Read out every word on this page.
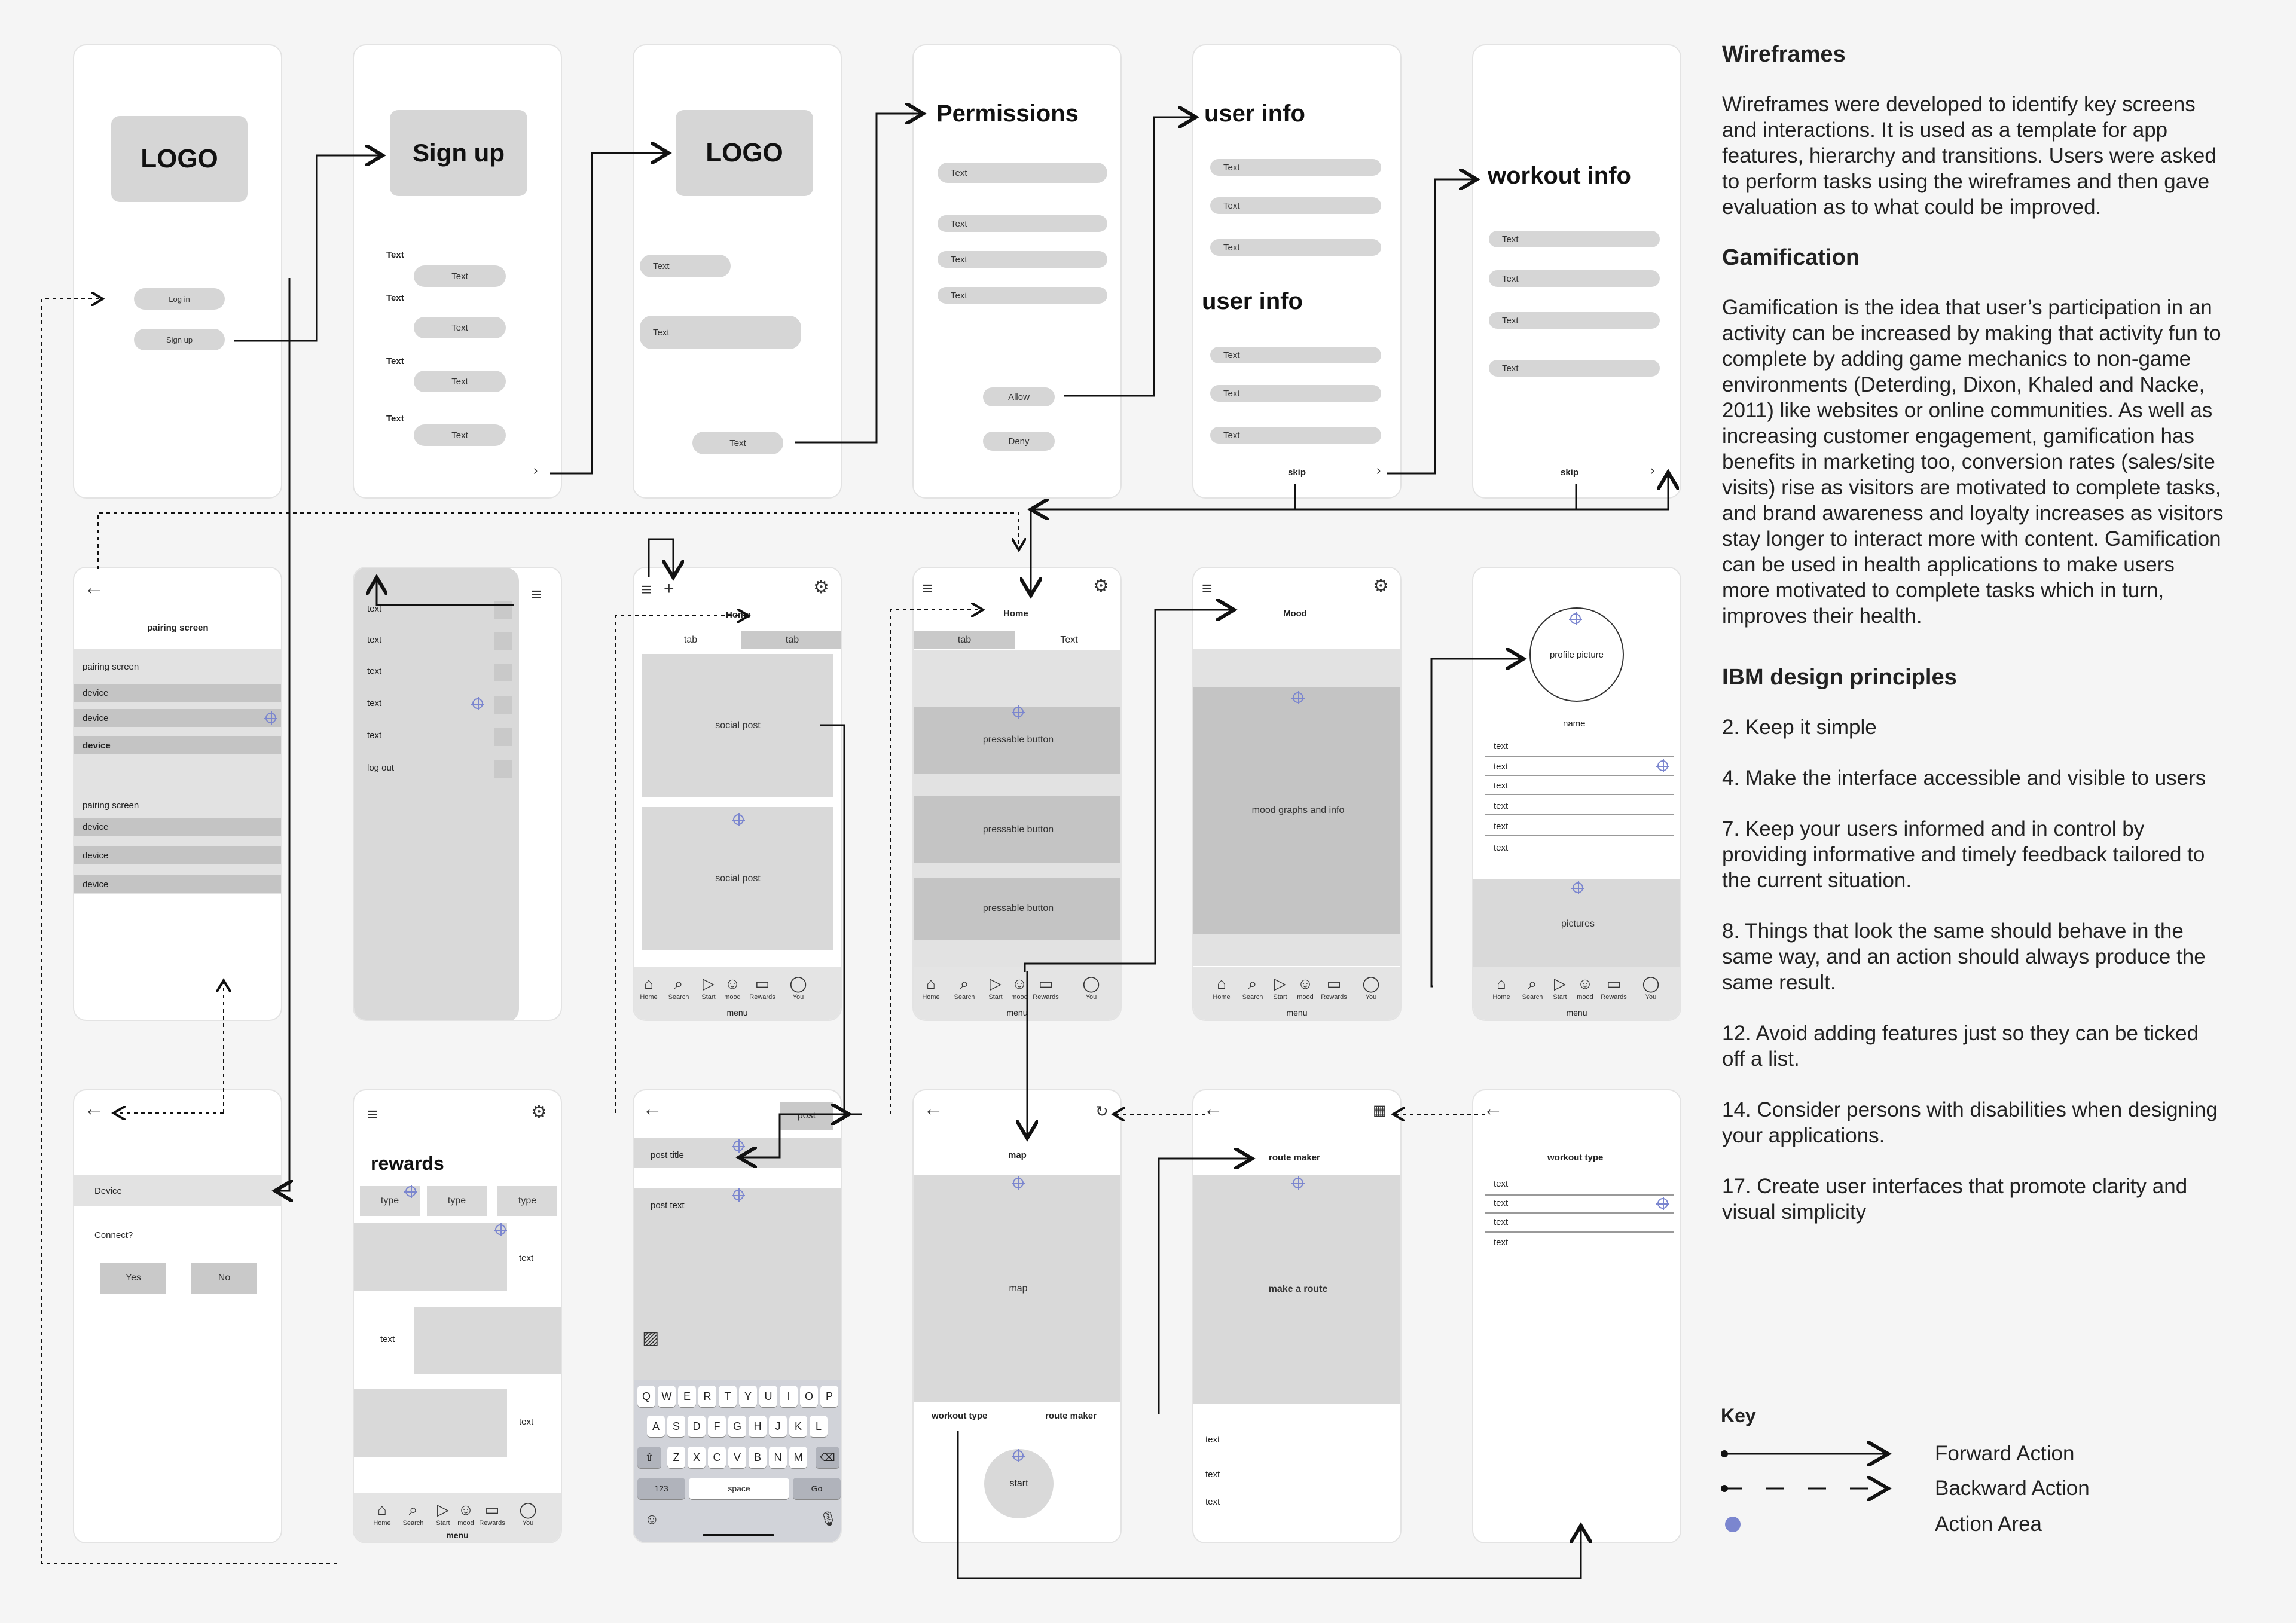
LOGO
Log in
Sign up
Sign up
Text
Text
Text
Text
Text
Text
Text
Text
›
LOGO
Text
Text
Text
Permissions
Text
Text
Text
Text
Allow
Deny
user info
Text
Text
Text
user info
Text
Text
Text
skip	›
workout info
Text
Text
Text
Text
skip	›
←
pairing screen
pairing screen
device
device
device
pairing screen
device
device
device
text
text
text
text
text
log out
≡	≡ +	⚙
Home
tab	tab
social post
social post
⌂
Home
⌕
Search
▷
Start
☺
mood
▭
Rewards
◯
You
menu
≡	⚙
Home
tab	Text
pressable button
pressable button
pressable button
⌂
Home
⌕
Search
▷
Start
☺
mood
▭
Rewards
◯
You
menu
≡	⚙
Mood
mood graphs and info
⌂
Home
⌕
Search
▷
Start
☺
mood
▭
Rewards
◯
You
menu
profile picture
name
text
text
text
text
text
text
pictures
⌂
Home
⌕
Search
▷
Start
☺
mood
▭
Rewards
◯
You
menu
←
Device
Connect?
Yes	No
≡	⚙
rewards
type	type	type
text
text
text
⌂
Home
⌕
Search
▷
Start
☺
mood
▭
Rewards
◯
You
menu
←	post
post title
post text
▨
Q	W	E	R	T	Y	U	I	O	P
A	S	D	F	G	H	J	K	L
Z	X	C	V	B	N	M
⇧	⌫
123	space	Go
☺	🎙
←	↻
map
map
workout type	route maker
start
←	▦
route maker
make a route
text
text
text
←
workout type
text
text
text
text
Wireframes

Wireframes were developed to identify key screens and interactions. It is used as a template for app features, hierarchy and transitions. Users were asked to perform tasks using the wireframes and then gave evaluation as to what could be improved.

Gamification

Gamification is the idea that user’s participation in an activity can be increased by making that activity fun to complete by adding game mechanics to non-game environments (Deterding, Dixon, Khaled and Nacke, 2011) like websites or online communities. As well as increasing customer engagement, gamification has benefits in marketing too, conversion rates (sales/site visits) rise as visitors are motivated to complete tasks, and brand awareness and loyalty increases as visitors stay longer to interact more with content. Gamification can be used in health applications to make users more motivated to complete tasks which in turn, improves their health.

IBM design principles

2. Keep it simple

4. Make the interface accessible and visible to users

7. Keep your users informed and in control by providing informative and timely feedback tailored to the current situation.

8. Things that look the same should behave in the same way, and an action should always produce the same result.

12. Avoid adding features just so they can be ticked off a list.

14. Consider persons with disabilities when designing your applications.

17. Create user interfaces that promote clarity and visual simplicity

Key
Forward Action
Backward Action
Action Area
